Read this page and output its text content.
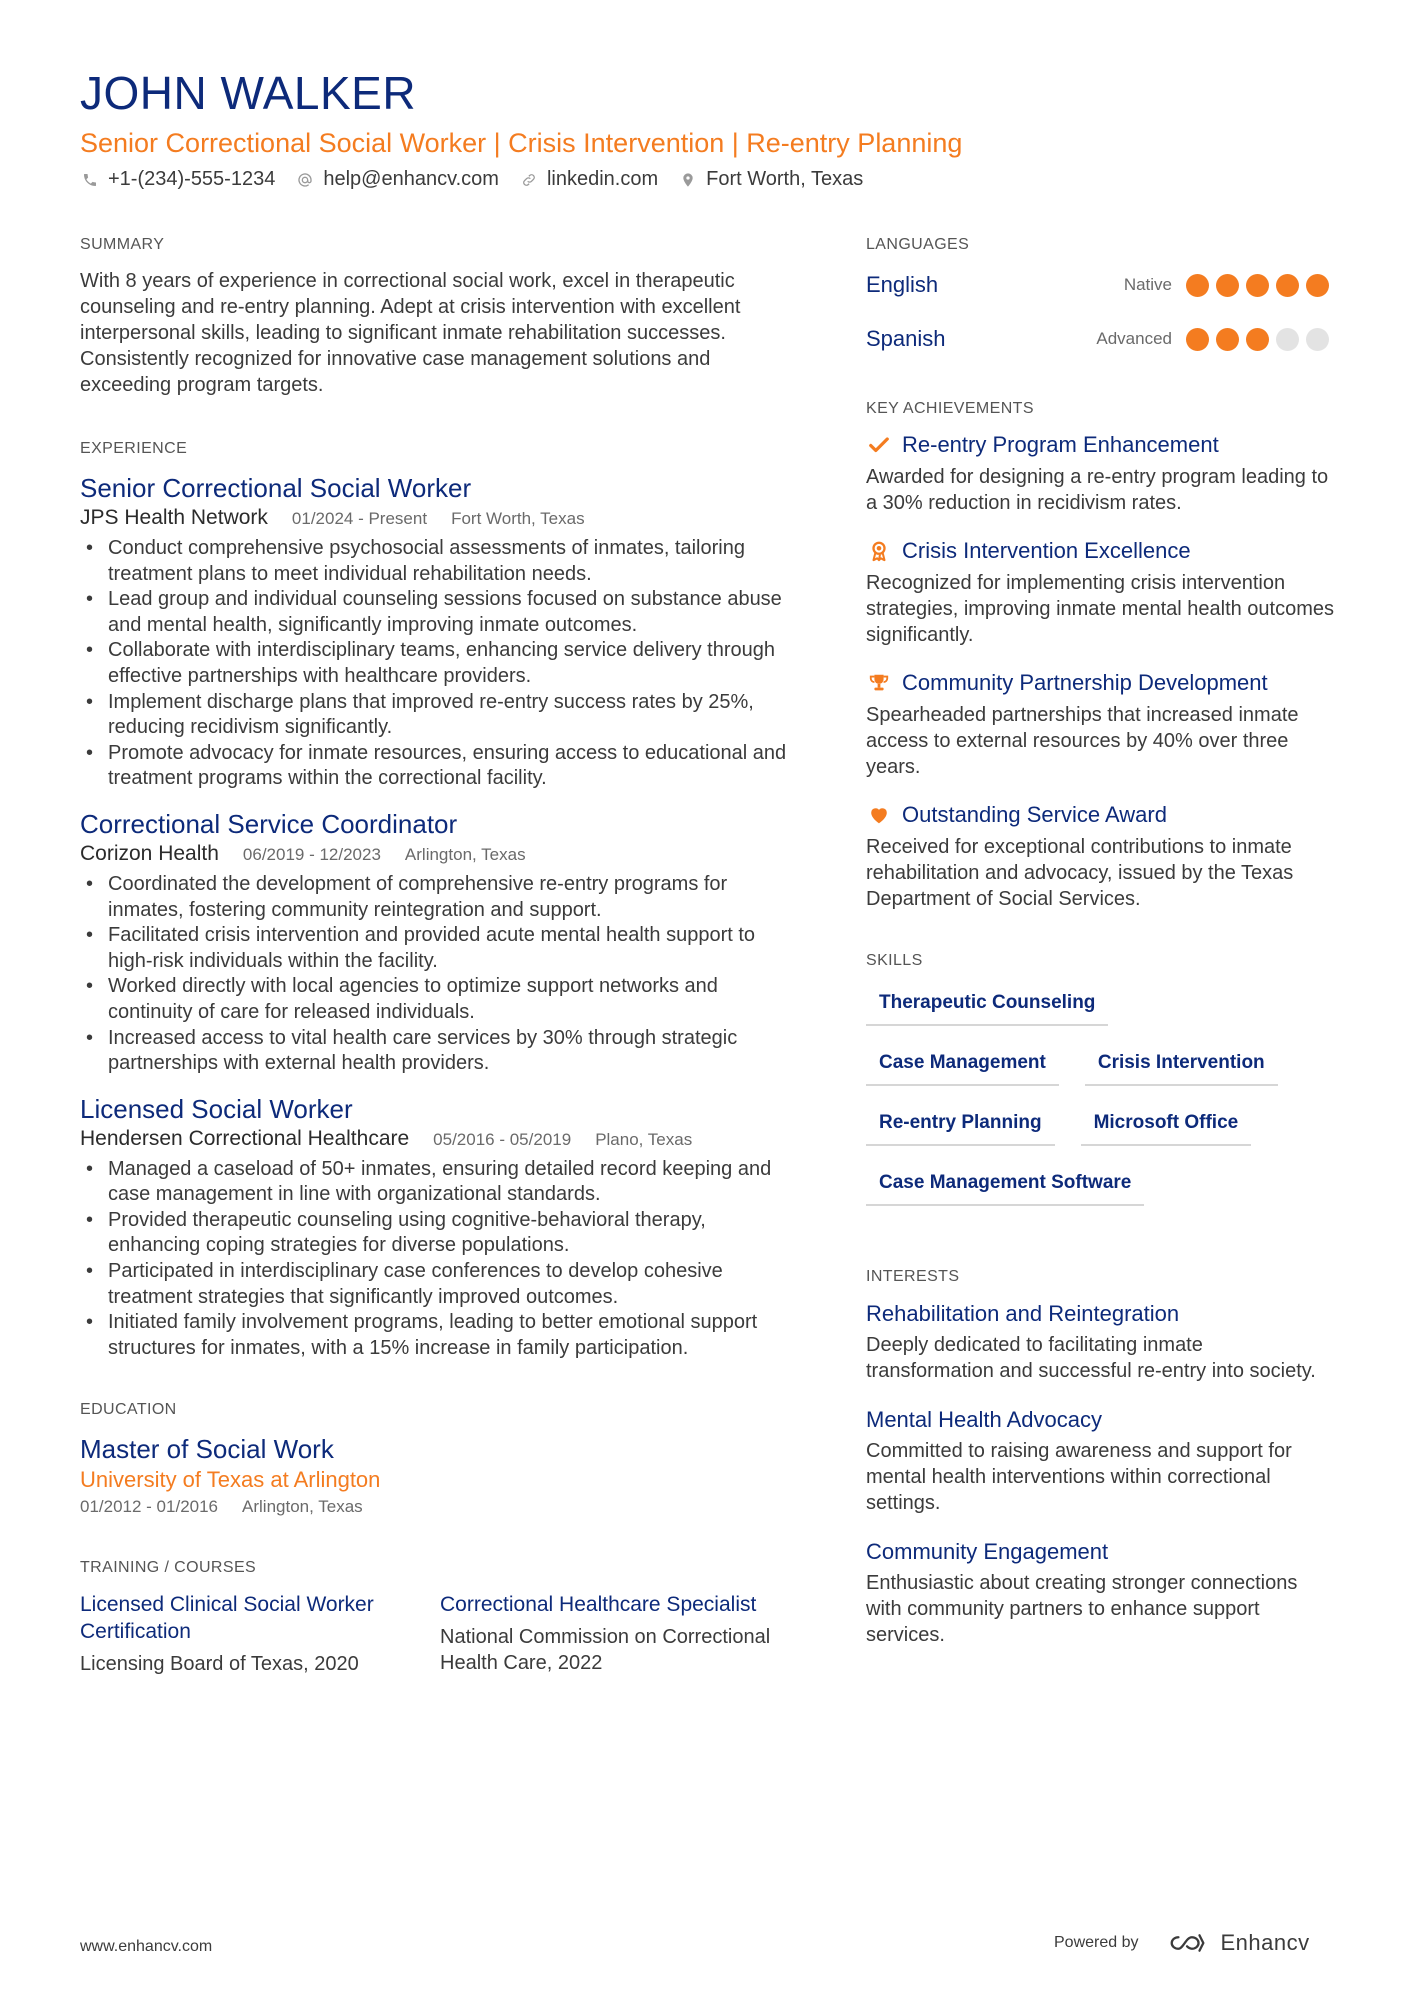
JOHN WALKER
Senior Correctional Social Worker | Crisis Intervention | Re-entry Planning
+1-(234)-555-1234 help@enhancv.com linkedin.com Fort Worth, Texas
SUMMARY

With 8 years of experience in correctional social work, excel in therapeutic counseling and re-entry planning. Adept at crisis intervention with excellent interpersonal skills, leading to significant inmate rehabilitation successes. Consistently recognized for innovative case management solutions and exceeding program targets.

EXPERIENCE
Senior Correctional Social Worker
JPS Health Network 01/2024 - Present Fort Worth, Texas
• Conduct comprehensive psychosocial assessments of inmates, tailoring treatment plans to meet individual rehabilitation needs.
• Lead group and individual counseling sessions focused on substance abuse and mental health, significantly improving inmate outcomes.
• Collaborate with interdisciplinary teams, enhancing service delivery through effective partnerships with healthcare providers.
• Implement discharge plans that improved re-entry success rates by 25%, reducing recidivism significantly.
• Promote advocacy for inmate resources, ensuring access to educational and treatment programs within the correctional facility.
Correctional Service Coordinator
Corizon Health 06/2019 - 12/2023 Arlington, Texas
• Coordinated the development of comprehensive re-entry programs for inmates, fostering community reintegration and support.
• Facilitated crisis intervention and provided acute mental health support to high-risk individuals within the facility.
• Worked directly with local agencies to optimize support networks and continuity of care for released individuals.
• Increased access to vital health care services by 30% through strategic partnerships with external health providers.
Licensed Social Worker
Hendersen Correctional Healthcare 05/2016 - 05/2019 Plano, Texas
• Managed a caseload of 50+ inmates, ensuring detailed record keeping and case management in line with organizational standards.
• Provided therapeutic counseling using cognitive-behavioral therapy, enhancing coping strategies for diverse populations.
• Participated in interdisciplinary case conferences to develop cohesive treatment strategies that significantly improved outcomes.
• Initiated family involvement programs, leading to better emotional support structures for inmates, with a 15% increase in family participation.
EDUCATION
Master of Social Work
University of Texas at Arlington
01/2012 - 01/2016 Arlington, Texas
TRAINING / COURSES
Licensed Clinical Social Worker Certification
Licensing Board of Texas, 2020
Correctional Healthcare Specialist
National Commission on Correctional Health Care, 2022
LANGUAGES
English	Native
Spanish	Advanced
KEY ACHIEVEMENTS
Re-entry Program Enhancement
Awarded for designing a re-entry program leading to a 30% reduction in recidivism rates.
Crisis Intervention Excellence
Recognized for implementing crisis intervention strategies, improving inmate mental health outcomes significantly.
Community Partnership Development
Spearheaded partnerships that increased inmate access to external resources by 40% over three years.
Outstanding Service Award
Received for exceptional contributions to inmate rehabilitation and advocacy, issued by the Texas Department of Social Services.
SKILLS
Therapeutic Counseling
Case Management	Crisis Intervention
Re-entry Planning	Microsoft Office
Case Management Software
INTERESTS
Rehabilitation and Reintegration
Deeply dedicated to facilitating inmate transformation and successful re-entry into society.
Mental Health Advocacy
Committed to raising awareness and support for mental health interventions within correctional settings.
Community Engagement
Enthusiastic about creating stronger connections with community partners to enhance support services.
www.enhancv.com	Powered by	Enhancv
